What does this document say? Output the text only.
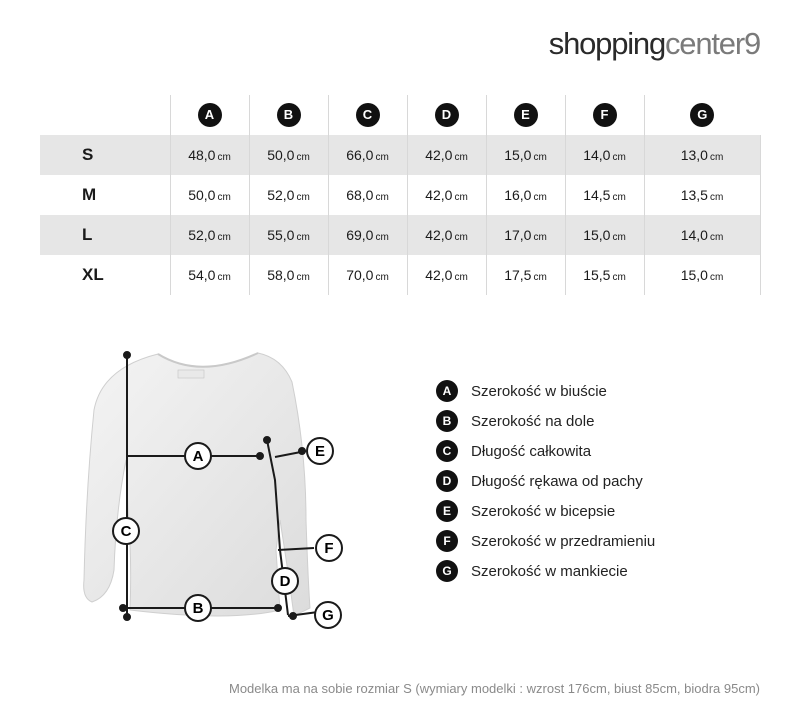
shoppingcenter9
	A	B	C	D	E	F	G	
S	48,0 cm	50,0 cm	66,0 cm	42,0 cm	15,0 cm	14,0 cm	13,0 cm	
M	50,0 cm	52,0 cm	68,0 cm	42,0 cm	16,0 cm	14,5 cm	13,5 cm	
L	52,0 cm	55,0 cm	69,0 cm	42,0 cm	17,0 cm	15,0 cm	14,0 cm	
XL	54,0 cm	58,0 cm	70,0 cm	42,0 cm	17,5 cm	15,5 cm	15,0 cm	
A
B
C
D
E
F
G
A	Szerokość w biuście
B	Szerokość na dole
C	Długość całkowita
D	Długość rękawa od pachy
E	Szerokość w bicepsie
F	Szerokość w przedramieniu
G	Szerokość w mankiecie
Modelka ma na sobie rozmiar S (wymiary modelki : wzrost 176cm, biust 85cm, biodra 95cm)
